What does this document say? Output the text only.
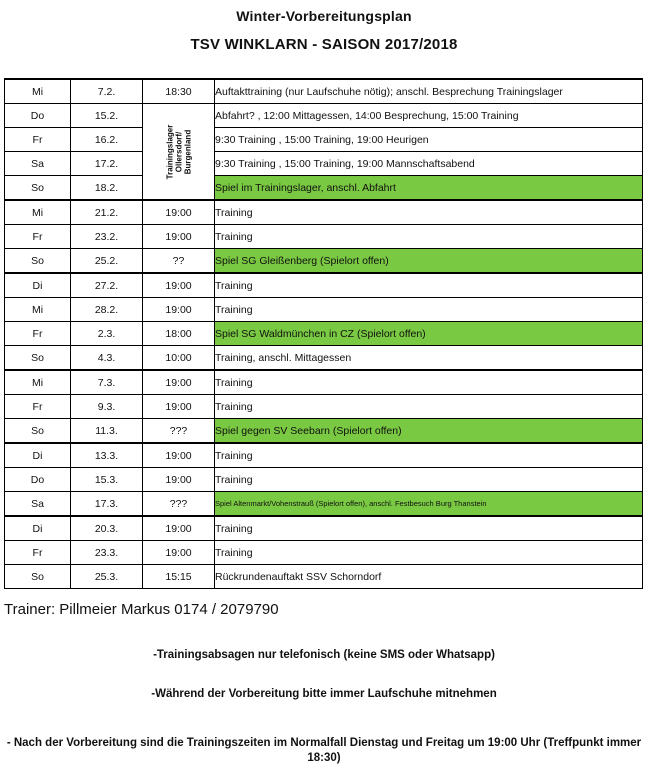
Winter-Vorbereitungsplan
TSV WINKLARN - SAISON 2017/2018
Mi	7.2.	18:30	Auftakttraining (nur Laufschuhe nötig); anschl. Besprechung Trainingslager
Do	15.2.	Trainingslager Ollersdorf/ Burgenland	Abfahrt? , 12:00 Mittagessen, 14:00 Besprechung, 15:00 Training
Fr	16.2.		9:30 Training , 15:00 Training, 19:00 Heurigen
Sa	17.2.		9:30 Training , 15:00 Training, 19:00 Mannschaftsabend
So	18.2.		Spiel im Trainingslager, anschl. Abfahrt
Mi	21.2.	19:00	Training
Fr	23.2.	19:00	Training
So	25.2.	??	Spiel SG Gleißenberg (Spielort offen)
Di	27.2.	19:00	Training
Mi	28.2.	19:00	Training
Fr	2.3.	18:00	Spiel SG Waldmünchen in CZ (Spielort offen)
So	4.3.	10:00	Training, anschl. Mittagessen
Mi	7.3.	19:00	Training
Fr	9.3.	19:00	Training
So	11.3.	???	Spiel gegen SV Seebarn (Spielort offen)
Di	13.3.	19:00	Training
Do	15.3.	19:00	Training
Sa	17.3.	???	Spiel Altenmarkt/Vohenstrauß (Spielort offen), anschl. Festbesuch Burg Thanstein
Di	20.3.	19:00	Training
Fr	23.3.	19:00	Training
So	25.3.	15:15	Rückrundenauftakt SSV Schorndorf
Trainer: Pillmeier Markus 0174 / 2079790
-Trainingsabsagen nur telefonisch (keine SMS oder Whatsapp)
-Während der Vorbereitung bitte immer Laufschuhe mitnehmen
- Nach der Vorbereitung sind die Trainingszeiten im Normalfall Dienstag und Freitag um 19:00 Uhr (Treffpunkt immer 18:30)
